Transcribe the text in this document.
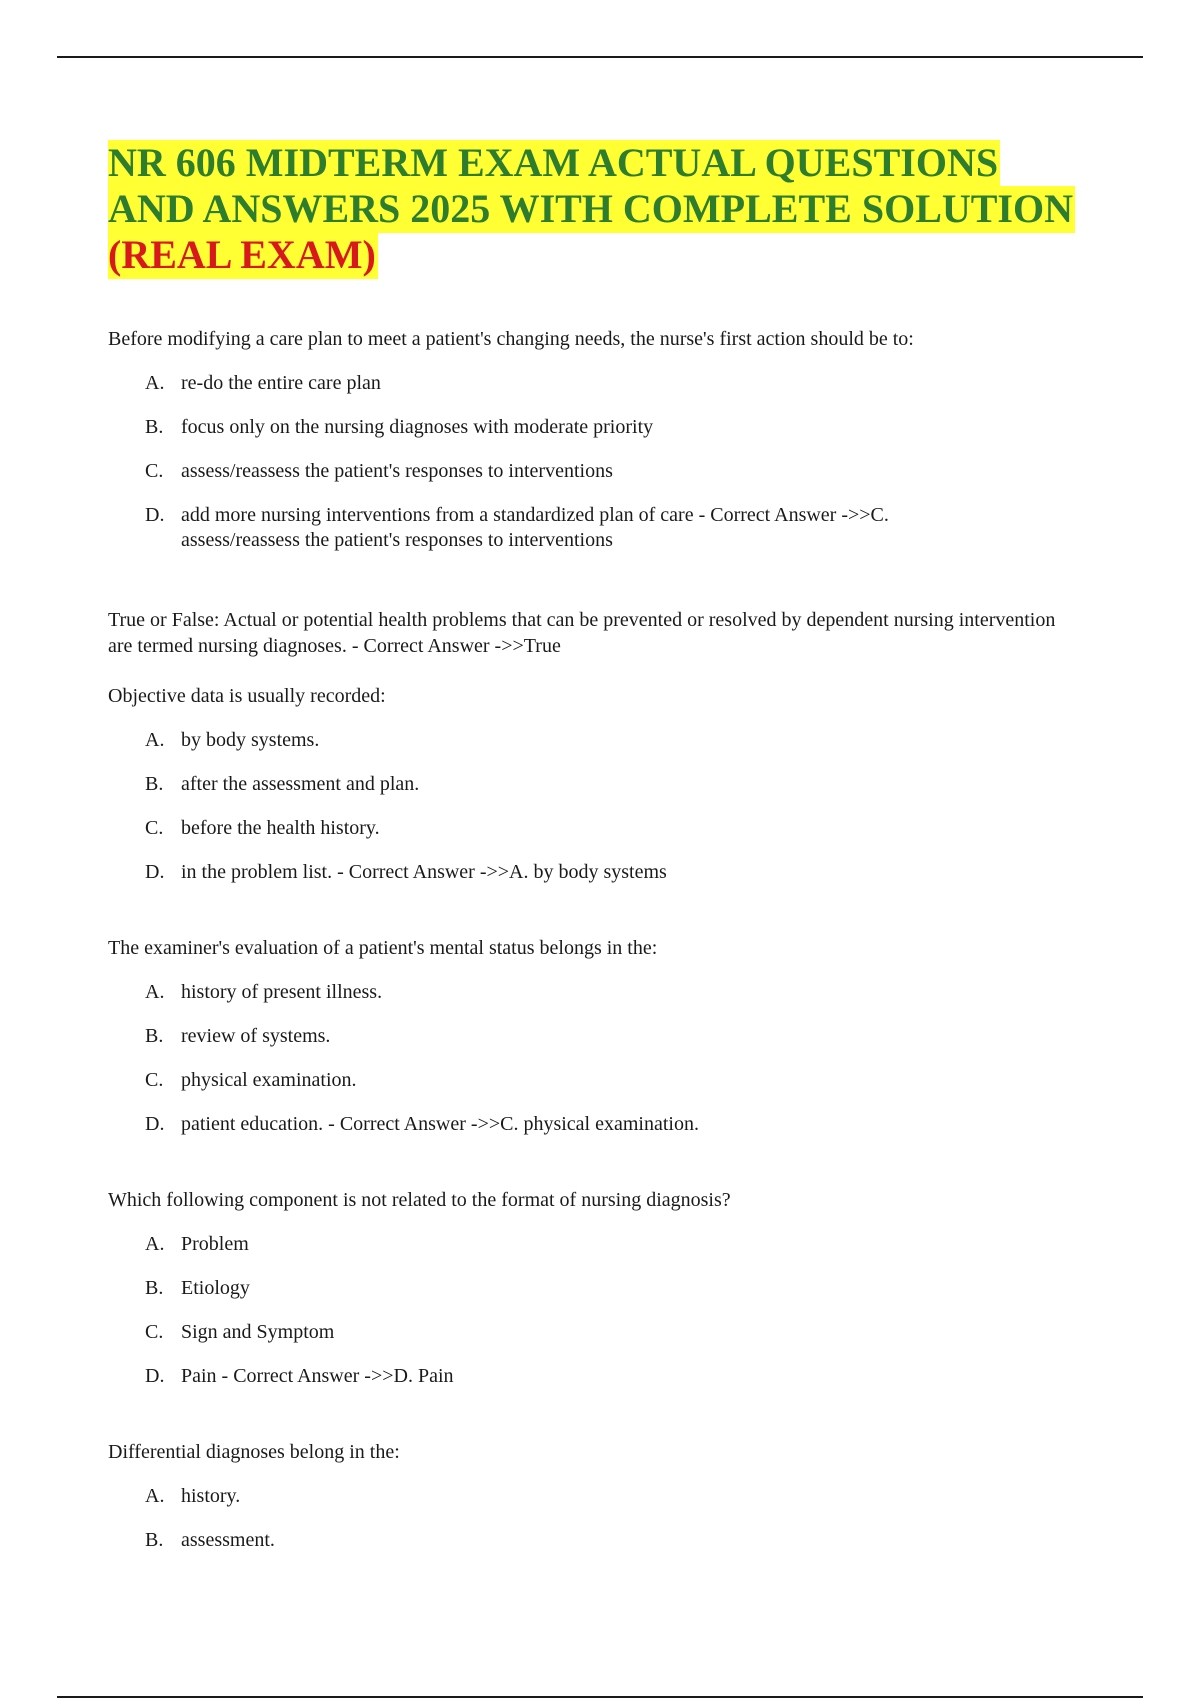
NR 606 MIDTERM EXAM ACTUAL QUESTIONS
AND ANSWERS 2025 WITH COMPLETE SOLUTION
(REAL EXAM)

Before modifying a care plan to meet a patient's changing needs, the nurse's first action should be to:

A. re-do the entire care plan
B. focus only on the nursing diagnoses with moderate priority
C. assess/reassess the patient's responses to interventions
D. add more nursing interventions from a standardized plan of care - Correct Answer ->>C. assess/reassess the patient's responses to interventions

True or False: Actual or potential health problems that can be prevented or resolved by dependent nursing intervention are termed nursing diagnoses. - Correct Answer ->>True

Objective data is usually recorded:

A. by body systems.
B. after the assessment and plan.
C. before the health history.
D. in the problem list. - Correct Answer ->>A. by body systems

The examiner's evaluation of a patient's mental status belongs in the:

A. history of present illness.
B. review of systems.
C. physical examination.
D. patient education. - Correct Answer ->>C. physical examination.

Which following component is not related to the format of nursing diagnosis?

A. Problem
B. Etiology
C. Sign and Symptom
D. Pain - Correct Answer ->>D. Pain

Differential diagnoses belong in the:

A. history.
B. assessment.
